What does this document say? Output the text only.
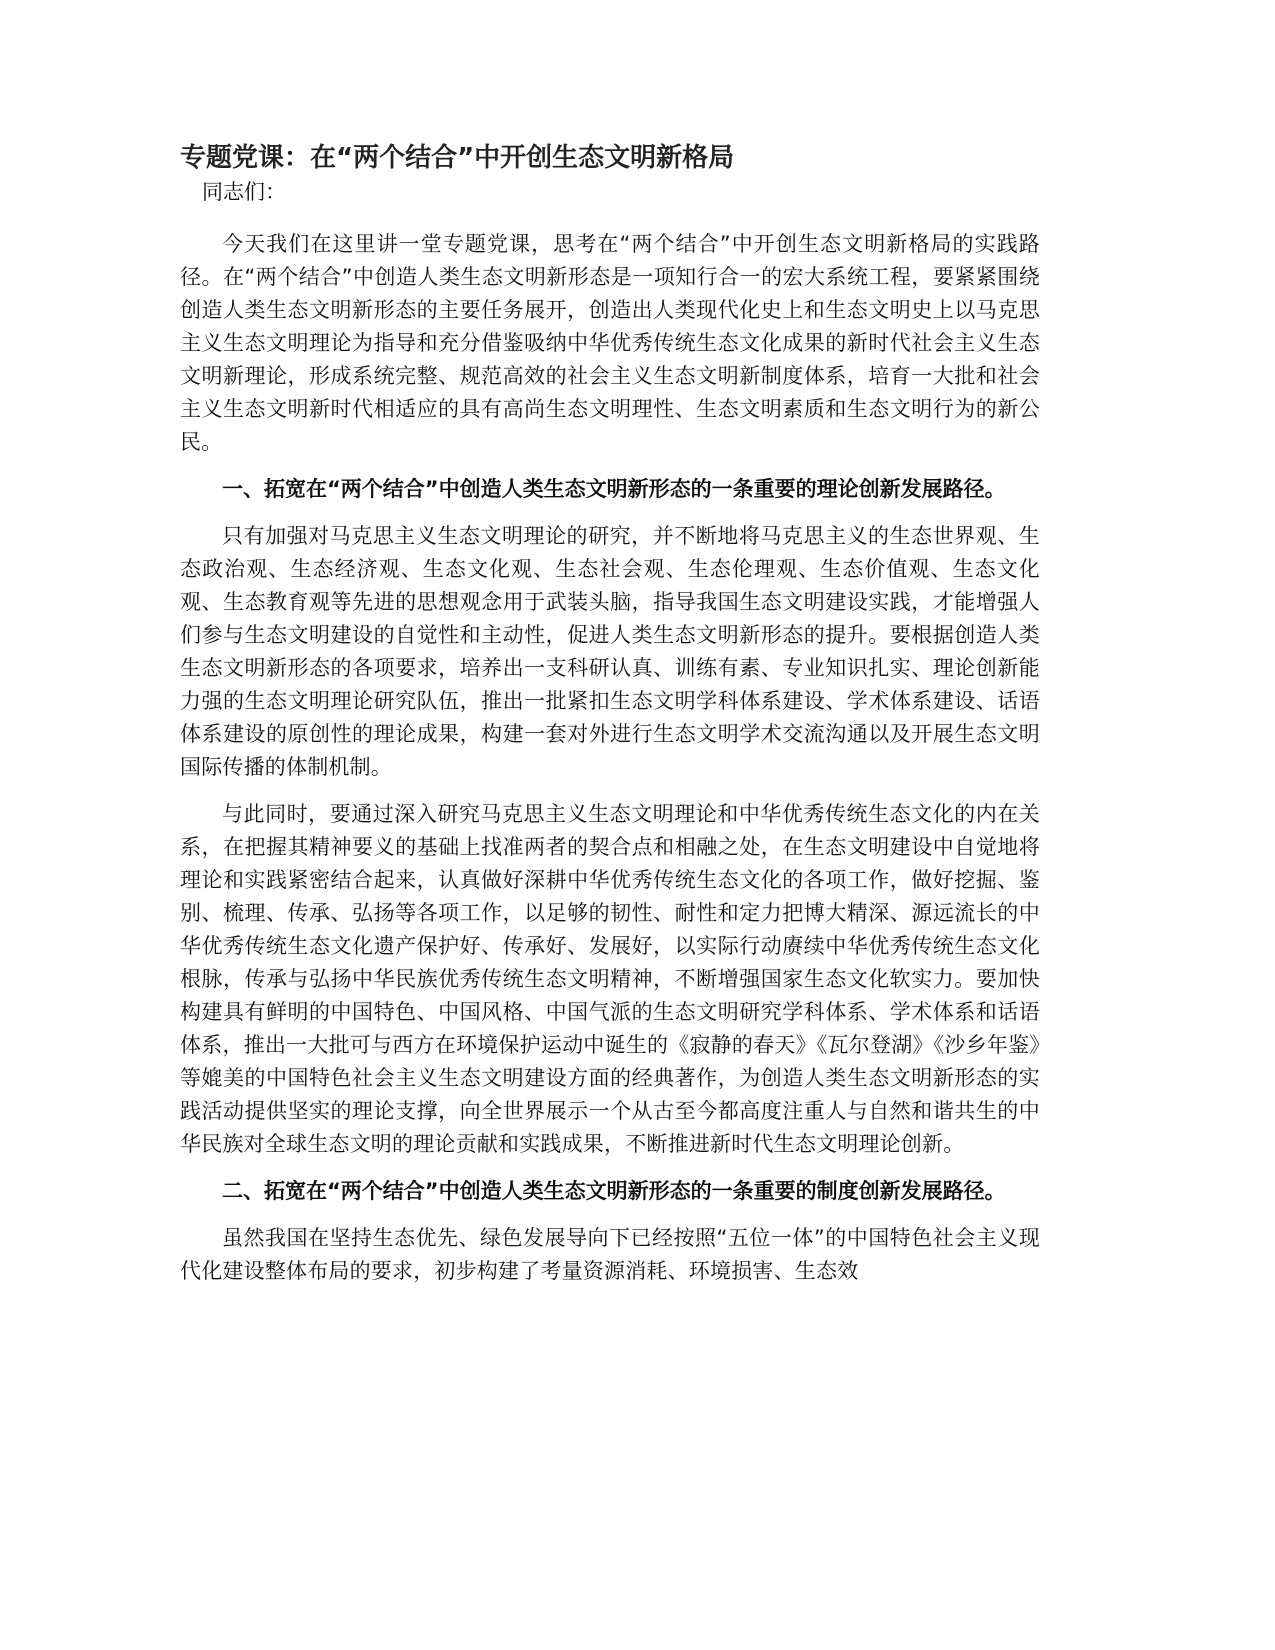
专题党课：在“两个结合”中开创生态文明新格局

同志们：

今天我们在这里讲一堂专题党课，思考在“两个结合”中开创生态文明新格局的实践路径。在“两个结合”中创造人类生态文明新形态是一项知行合一的宏大系统工程，要紧紧围绕创造人类生态文明新形态的主要任务展开，创造出人类现代化史上和生态文明史上以马克思主义生态文明理论为指导和充分借鉴吸纳中华优秀传统生态文化成果的新时代社会主义生态文明新理论，形成系统完整、规范高效的社会主义生态文明新制度体系，培育一大批和社会主义生态文明新时代相适应的具有高尚生态文明理性、生态文明素质和生态文明行为的新公民。

一、拓宽在“两个结合”中创造人类生态文明新形态的一条重要的理论创新发展路径。

只有加强对马克思主义生态文明理论的研究，并不断地将马克思主义的生态世界观、生态政治观、生态经济观、生态文化观、生态社会观、生态伦理观、生态价值观、生态文化观、生态教育观等先进的思想观念用于武装头脑，指导我国生态文明建设实践，才能增强人们参与生态文明建设的自觉性和主动性，促进人类生态文明新形态的提升。要根据创造人类生态文明新形态的各项要求，培养出一支科研认真、训练有素、专业知识扎实、理论创新能力强的生态文明理论研究队伍，推出一批紧扣生态文明学科体系建设、学术体系建设、话语体系建设的原创性的理论成果，构建一套对外进行生态文明学术交流沟通以及开展生态文明国际传播的体制机制。

与此同时，要通过深入研究马克思主义生态文明理论和中华优秀传统生态文化的内在关系，在把握其精神要义的基础上找准两者的契合点和相融之处，在生态文明建设中自觉地将理论和实践紧密结合起来，认真做好深耕中华优秀传统生态文化的各项工作，做好挖掘、鉴别、梳理、传承、弘扬等各项工作，以足够的韧性、耐性和定力把博大精深、源远流长的中华优秀传统生态文化遗产保护好、传承好、发展好，以实际行动赓续中华优秀传统生态文化根脉，传承与弘扬中华民族优秀传统生态文明精神，不断增强国家生态文化软实力。要加快构建具有鲜明的中国特色、中国风格、中国气派的生态文明研究学科体系、学术体系和话语体系，推出一大批可与西方在环境保护运动中诞生的《寂静的春天》《瓦尔登湖》《沙乡年鉴》等媲美的中国特色社会主义生态文明建设方面的经典著作，为创造人类生态文明新形态的实践活动提供坚实的理论支撑，向全世界展示一个从古至今都高度注重人与自然和谐共生的中华民族对全球生态文明的理论贡献和实践成果，不断推进新时代生态文明理论创新。

二、拓宽在“两个结合”中创造人类生态文明新形态的一条重要的制度创新发展路径。

虽然我国在坚持生态优先、绿色发展导向下已经按照“五位一体”的中国特色社会主义现代化建设整体布局的要求，初步构建了考量资源消耗、环境损害、生态效
